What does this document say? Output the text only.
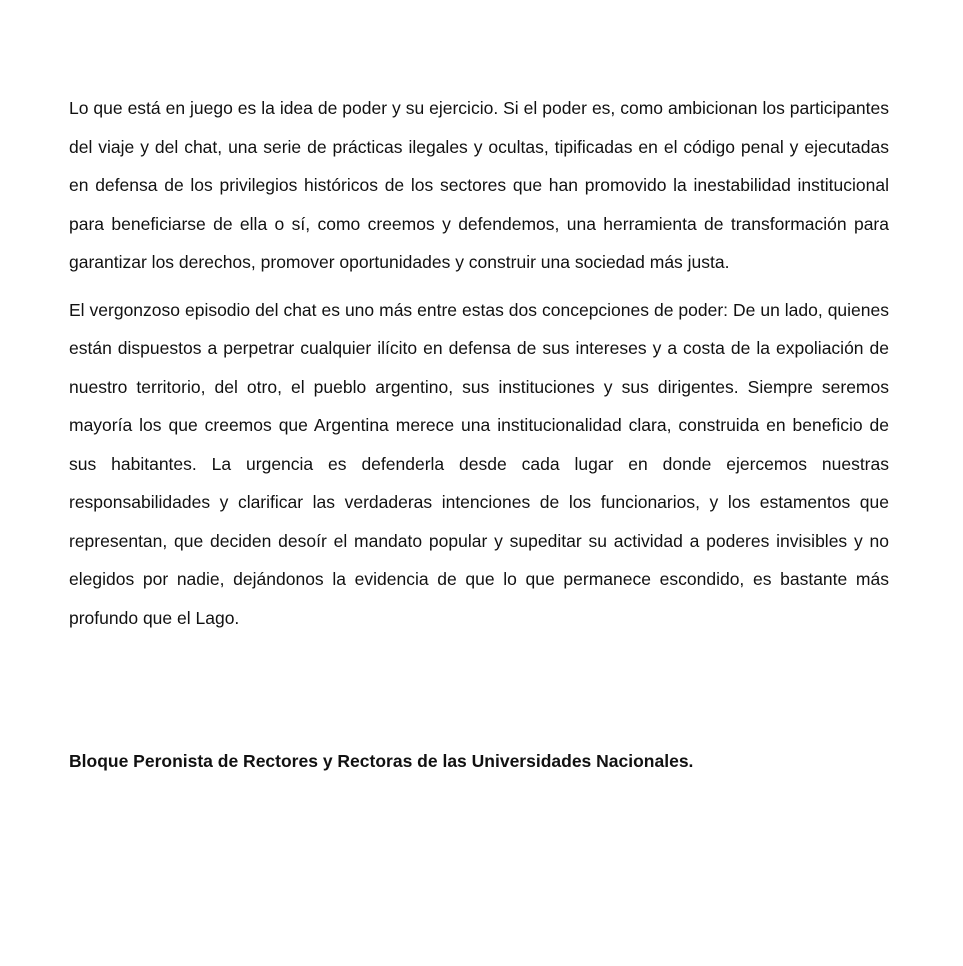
Lo que está en juego es la idea de poder y su ejercicio. Si el poder es, como ambicionan los participantes del viaje y del chat, una serie de prácticas ilegales y ocultas, tipificadas en el código penal y ejecutadas en defensa de los privilegios históricos de los sectores que han promovido la inestabilidad institucional para beneficiarse de ella o sí, como creemos y defendemos, una herramienta de transformación para garantizar los derechos, promover oportunidades y construir una sociedad más justa.

El vergonzoso episodio del chat es uno más entre estas dos concepciones de poder: De un lado, quienes están dispuestos a perpetrar cualquier ilícito en defensa de sus intereses y a costa de la expoliación de nuestro territorio, del otro, el pueblo argentino, sus instituciones y sus dirigentes. Siempre seremos mayoría los que creemos que Argentina merece una institucionalidad clara, construida en beneficio de sus habitantes. La urgencia es defenderla desde cada lugar en donde ejercemos nuestras responsabilidades y clarificar las verdaderas intenciones de los funcionarios, y los estamentos que representan, que deciden desoír el mandato popular y supeditar su actividad a poderes invisibles y no elegidos por nadie, dejándonos la evidencia de que lo que permanece escondido, es bastante más profundo que el Lago.

Bloque Peronista de Rectores y Rectoras de las Universidades Nacionales.
